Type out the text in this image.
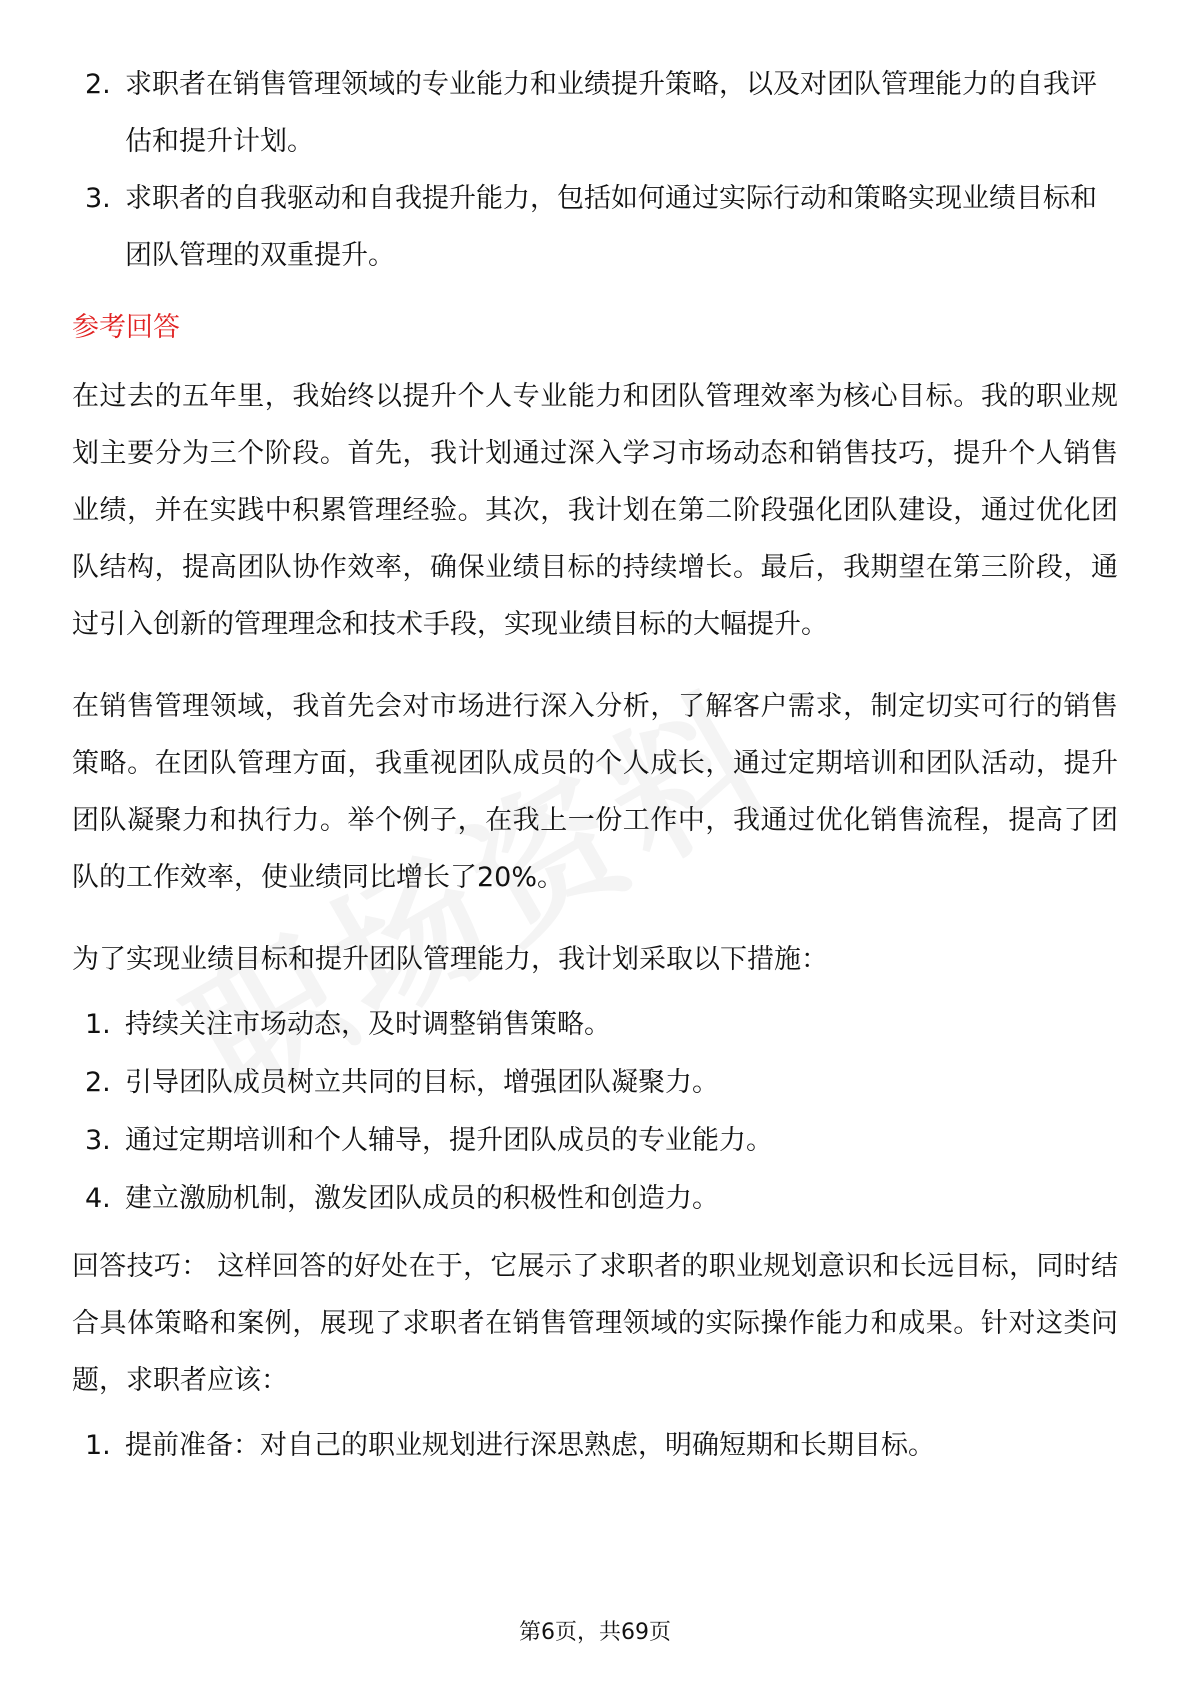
2. 求职者在销售管理领域的专业能力和业绩提升策略，以及对团队管理能力的自我评估和提升计划。
3. 求职者的自我驱动和自我提升能力，包括如何通过实际行动和策略实现业绩目标和团队管理的双重提升。
参考回答

在过去的五年里，我始终以提升个人专业能力和团队管理效率为核心目标。我的职业规划主要分为三个阶段。首先，我计划通过深入学习市场动态和销售技巧，提升个人销售业绩，并在实践中积累管理经验。其次，我计划在第二阶段强化团队建设，通过优化团队结构，提高团队协作效率，确保业绩目标的持续增长。最后，我期望在第三阶段，通过引入创新的管理理念和技术手段，实现业绩目标的大幅提升。

在销售管理领域，我首先会对市场进行深入分析，了解客户需求，制定切实可行的销售策略。在团队管理方面，我重视团队成员的个人成长，通过定期培训和团队活动，提升团队凝聚力和执行力。举个例子，在我上一份工作中，我通过优化销售流程，提高了团队的工作效率，使业绩同比增长了20%。

为了实现业绩目标和提升团队管理能力，我计划采取以下措施：

1. 持续关注市场动态，及时调整销售策略。
2. 引导团队成员树立共同的目标，增强团队凝聚力。
3. 通过定期培训和个人辅导，提升团队成员的专业能力。
4. 建立激励机制，激发团队成员的积极性和创造力。

回答技巧： 这样回答的好处在于，它展示了求职者的职业规划意识和长远目标，同时结合具体策略和案例，展现了求职者在销售管理领域的实际操作能力和成果。针对这类问题，求职者应该：

1. 提前准备：对自己的职业规划进行深思熟虑，明确短期和长期目标。
第6页，共69页
